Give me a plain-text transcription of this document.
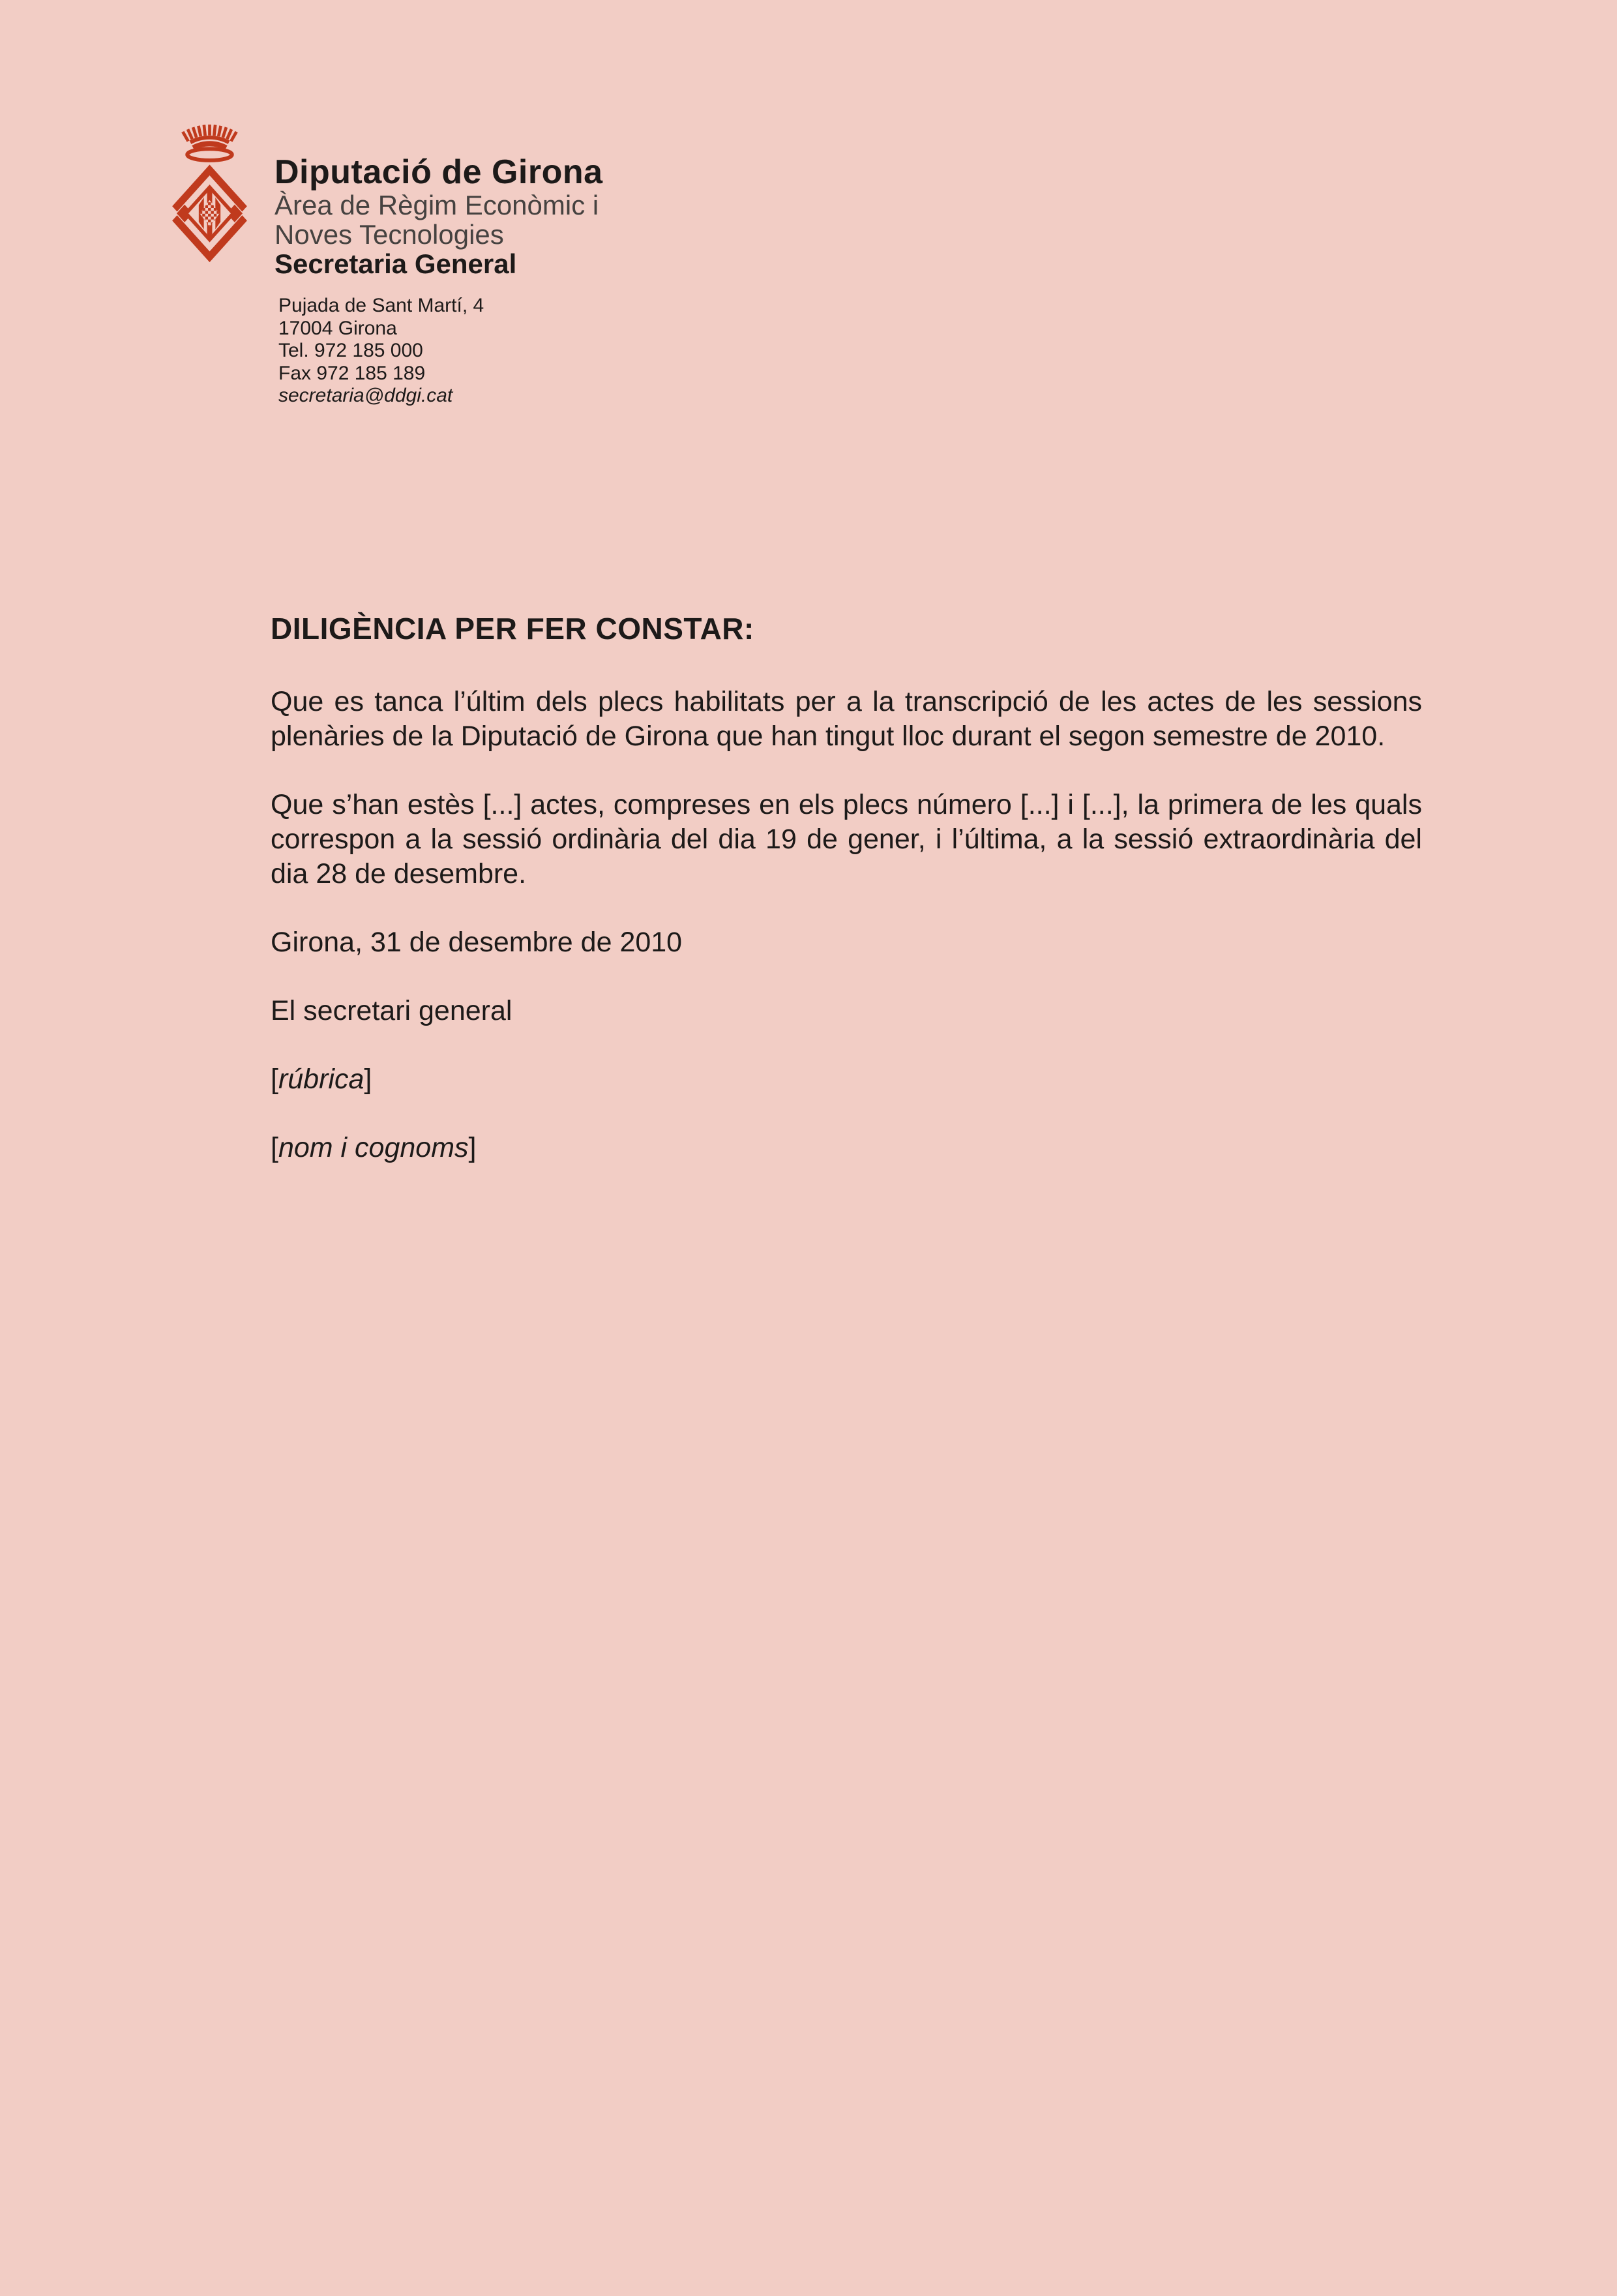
Diputació de Girona
Àrea de Règim Econòmic i
Noves Tecnologies
Secretaria General
Pujada de Sant Martí, 4
17004 Girona
Tel. 972 185 000
Fax 972 185 189
secretaria@ddgi.cat
DILIGÈNCIA PER FER CONSTAR:

Que es tanca l’últim dels plecs habilitats per a la transcripció de les actes de les sessions plenàries de la Diputació de Girona que han tingut lloc durant el segon semestre de 2010.

Que s’han estès [...] actes, compreses en els plecs número [...] i [...], la primera de les quals correspon a la sessió ordinària del dia 19 de gener, i l’última, a la sessió extraordinària del dia 28 de desembre.

Girona, 31 de desembre de 2010

El secretari general

[rúbrica]

[nom i cognoms]
